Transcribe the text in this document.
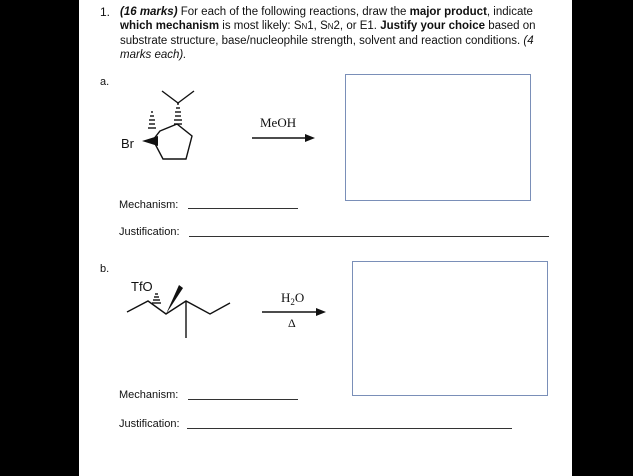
1. (16 marks) For each of the following reactions, draw the major product, indicate which mechanism is most likely: SN1, SN2, or E1. Justify your choice based on substrate structure, base/nucleophile strength, solvent and reaction conditions. (4 marks each).
a.
Br
TfO
MeOH
Mechanism:
Justification:
b.
$H_2O$
Δ
Mechanism:
Justification:
